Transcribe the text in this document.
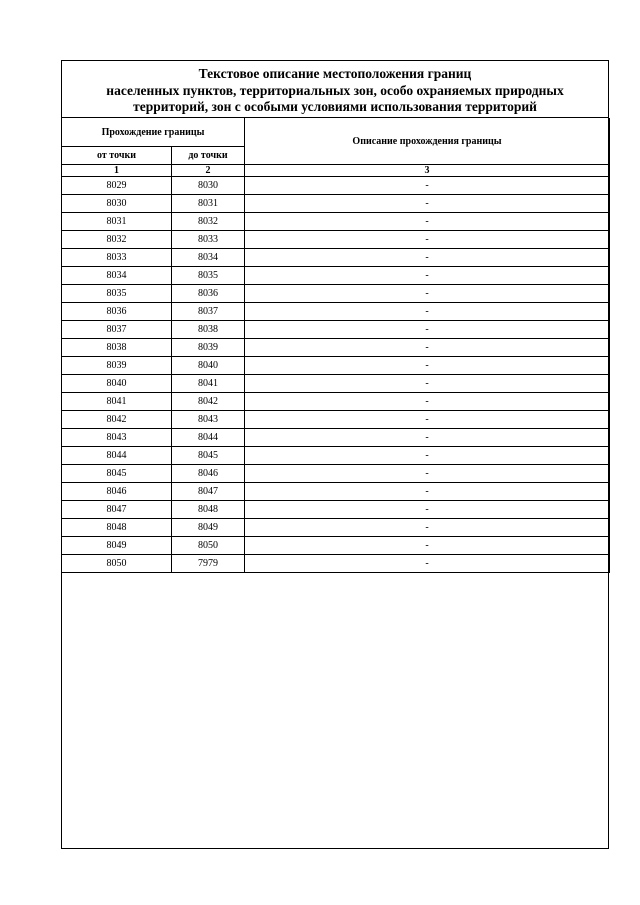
Текстовое описание местоположения границ
населенных пунктов, территориальных зон, особо охраняемых природных
территорий, зон с особыми условиями использования территорий
Прохождение границы		Описание прохождения границы
от точки	до точки	
1	2	3
8029	8030	-
8030	8031	-
8031	8032	-
8032	8033	-
8033	8034	-
8034	8035	-
8035	8036	-
8036	8037	-
8037	8038	-
8038	8039	-
8039	8040	-
8040	8041	-
8041	8042	-
8042	8043	-
8043	8044	-
8044	8045	-
8045	8046	-
8046	8047	-
8047	8048	-
8048	8049	-
8049	8050	-
8050	7979	-
